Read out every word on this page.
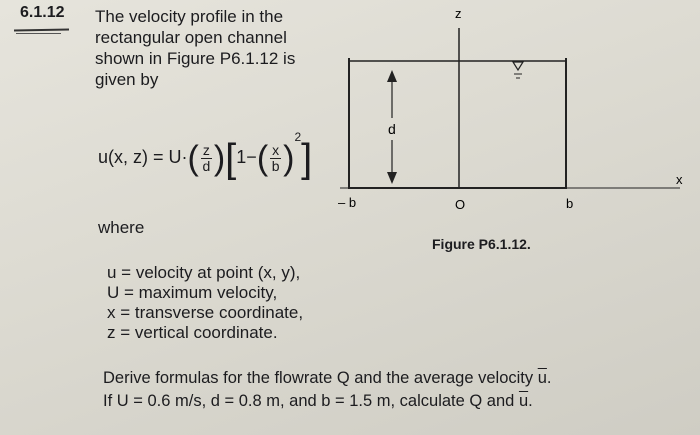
6.1.12 The velocity profile in the
rectangular open channel
shown in Figure P6.1.12 is
given by
u(x, $z) = U\cdot( \frac{z}{d} )[1-( \frac{x}{b} )^2]$
where
u = velocity at point (x, y),
U = maximum velocity,
x = transverse coordinate,
z = vertical coordinate.
z
x
d
– b	O	b
Figure P6.1.12.
Derive formulas for the flowrate Q and the average velocity $\overline{u}$.
If U = 0.6 m/s, d = 0.8 m, and b = 1.5 m, calculate Q and $\overline{u}$.
